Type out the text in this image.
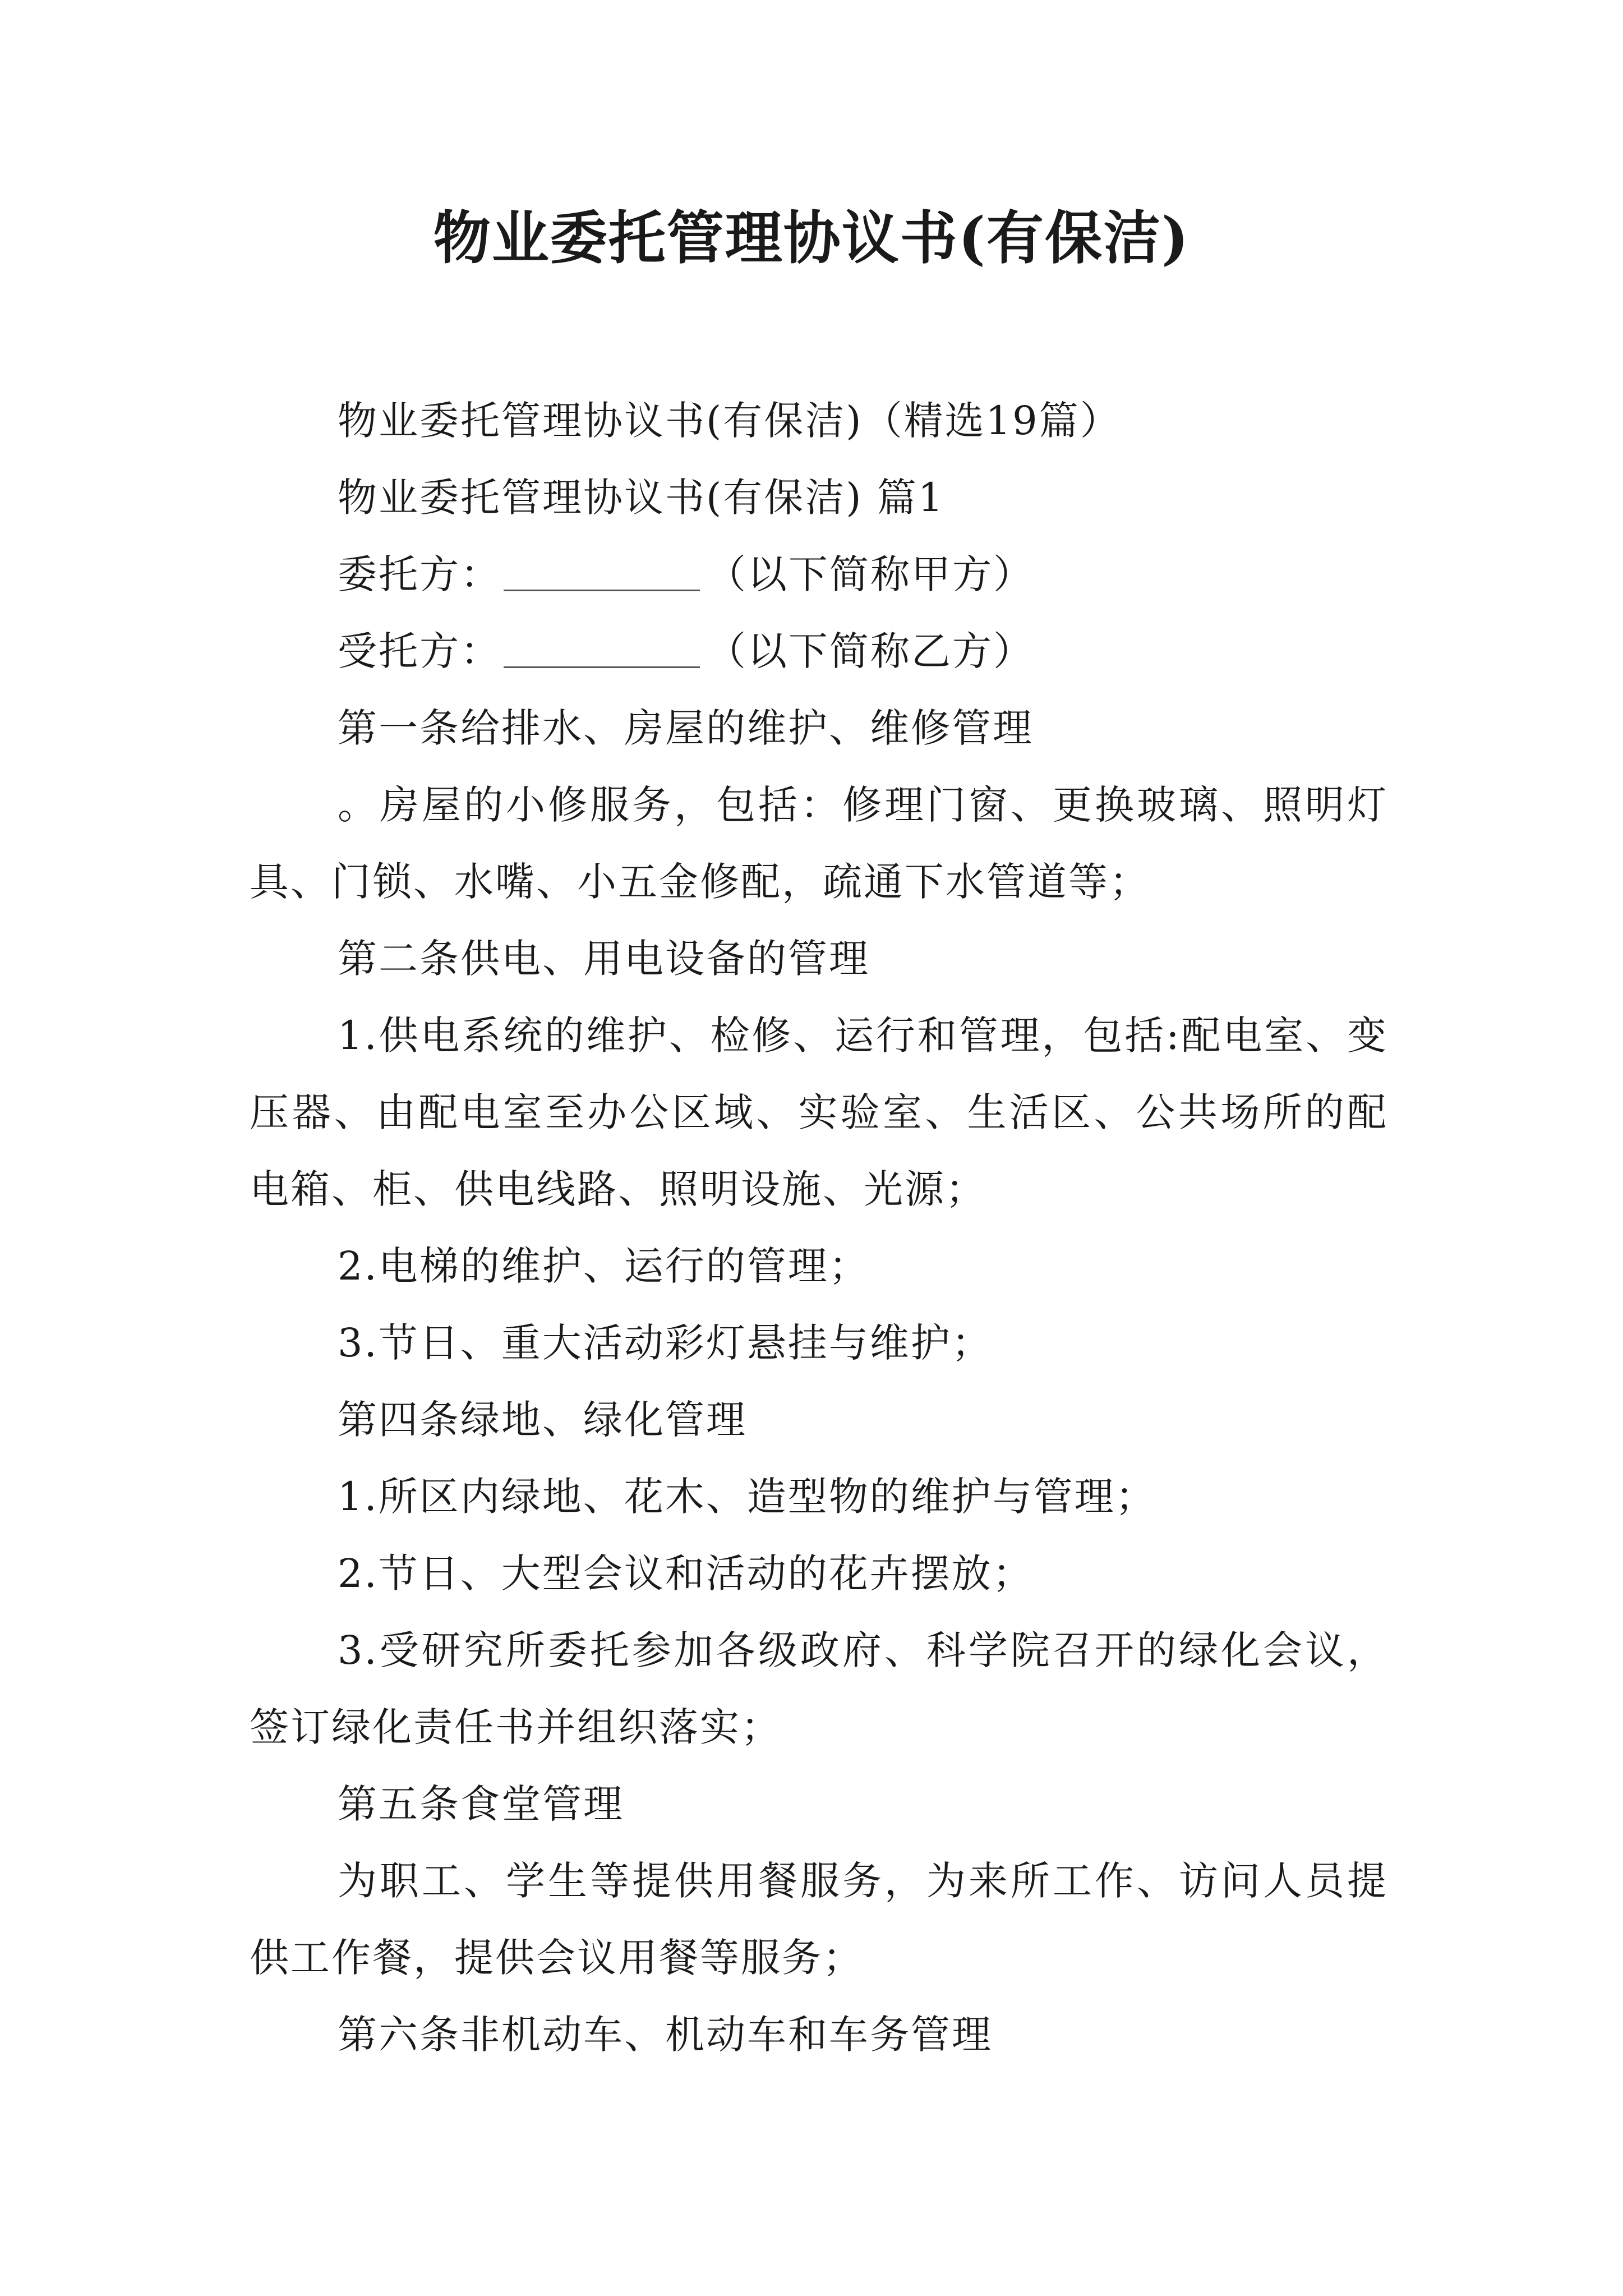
物业委托管理协议书(有保洁)

物业委托管理协议书(有保洁)（精选19篇）

物业委托管理协议书(有保洁) 篇1

委托方：	（以下简称甲方）

受托方：	（以下简称乙方）

第一条给排水、房屋的维护、维修管理

。房屋的小修服务，包括：修理门窗、更换玻璃、照明灯具、门锁、水嘴、小五金修配，疏通下水管道等；

第二条供电、用电设备的管理

1.供电系统的维护、检修、运行和管理，包括:配电室、变压器、由配电室至办公区域、实验室、生活区、公共场所的配电箱、柜、供电线路、照明设施、光源；

2.电梯的维护、运行的管理；

3.节日、重大活动彩灯悬挂与维护；

第四条绿地、绿化管理

1.所区内绿地、花木、造型物的维护与管理；

2.节日、大型会议和活动的花卉摆放；

3.受研究所委托参加各级政府、科学院召开的绿化会议，签订绿化责任书并组织落实；

第五条食堂管理

为职工、学生等提供用餐服务，为来所工作、访问人员提供工作餐，提供会议用餐等服务；

第六条非机动车、机动车和车务管理
